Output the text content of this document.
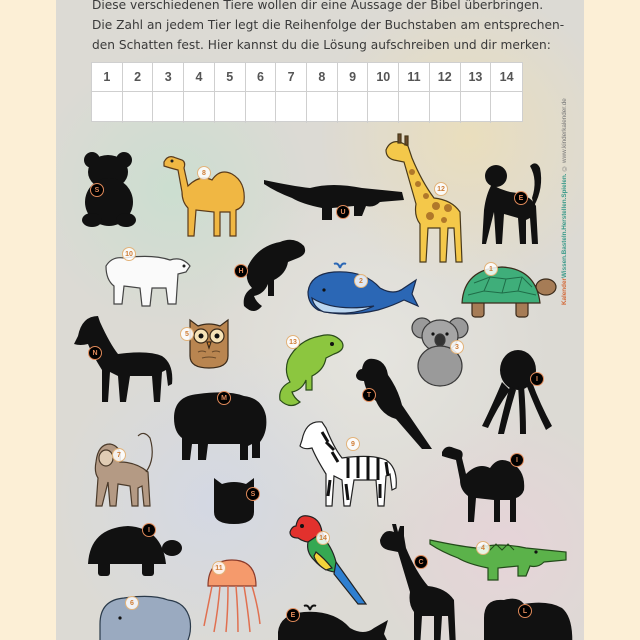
Diese verschiedenen Tiere wollen dir eine Aussage der Bibel überbringen.
Die Zahl an jedem Tier legt die Reihenfolge der Buchstaben am entsprechen-
den Schatten fest. Hier kannst du die Lösung aufschreiben und dir merken:
1	2	3	4	5	6	7	8	9	10	11	12	13	14
KalenderWissen.Basteln.Herstellen.Spielen. © www.kinderkalender.de
S
8
U
12
E
10
H
2
1
N
5
13
T
3
I
M
9
7
I
S
I
14
C
4
11
6
E
L
